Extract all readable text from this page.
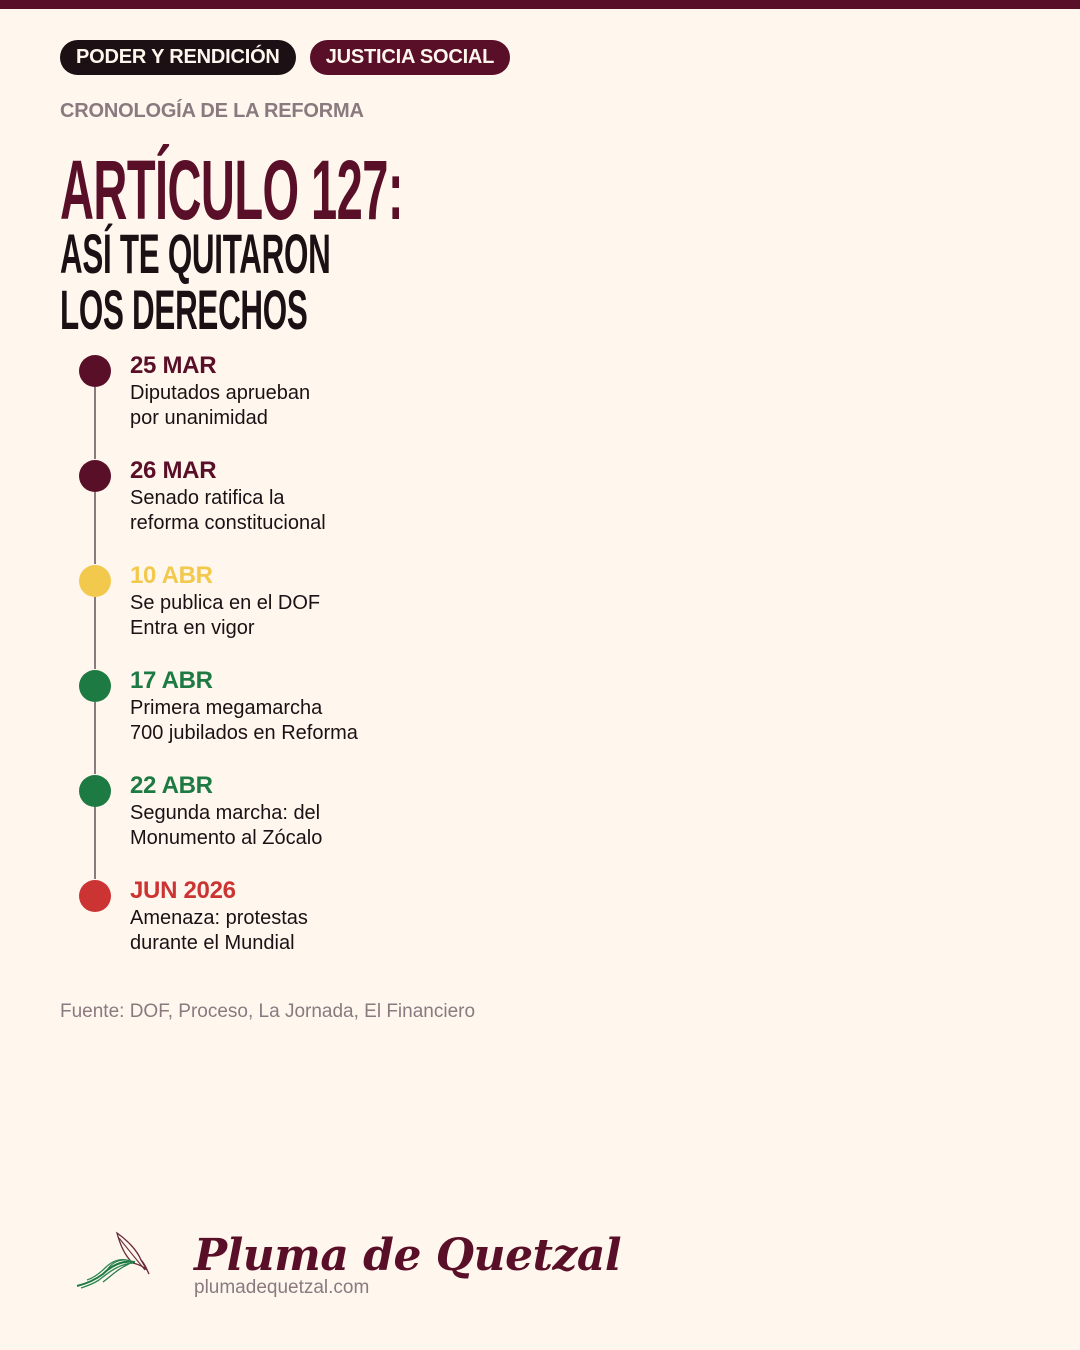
PODER Y RENDICIÓN	JUSTICIA SOCIAL
CRONOLOGÍA DE LA REFORMA
ARTÍCULO 127:
ASÍ TE QUITARON
LOS DERECHOS
25 MAR
Diputados aprueban
por unanimidad
26 MAR
Senado ratifica la
reforma constitucional
10 ABR
Se publica en el DOF
Entra en vigor
17 ABR
Primera megamarcha
700 jubilados en Reforma
22 ABR
Segunda marcha: del
Monumento al Zócalo
JUN 2026
Amenaza: protestas
durante el Mundial
Fuente: DOF, Proceso, La Jornada, El Financiero
Pluma de Quetzal
plumadequetzal.com
